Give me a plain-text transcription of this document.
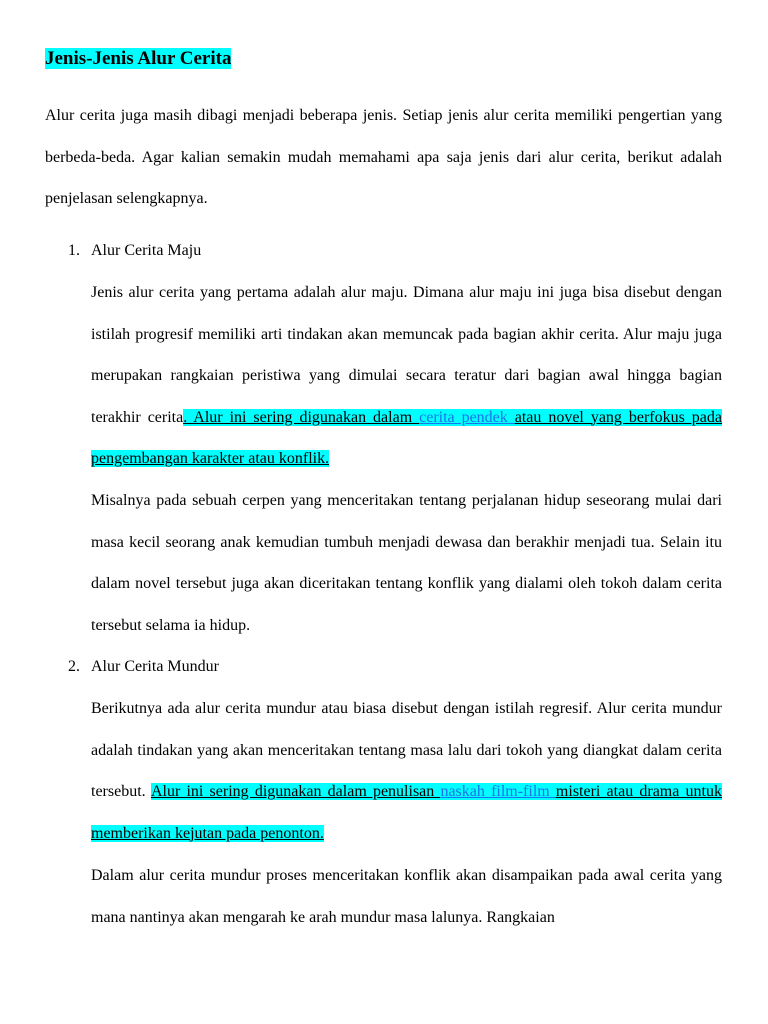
Jenis-Jenis Alur Cerita

Alur cerita juga masih dibagi menjadi beberapa jenis. Setiap jenis alur cerita memiliki pengertian yang berbeda-beda. Agar kalian semakin mudah memahami apa saja jenis dari alur cerita, berikut adalah penjelasan selengkapnya.

1. Alur Cerita Maju

Jenis alur cerita yang pertama adalah alur maju. Dimana alur maju ini juga bisa disebut dengan istilah progresif memiliki arti tindakan akan memuncak pada bagian akhir cerita. Alur maju juga merupakan rangkaian peristiwa yang dimulai secara teratur dari bagian awal hingga bagian terakhir cerita. Alur ini sering digunakan dalam cerita pendek atau novel yang berfokus pada pengembangan karakter atau konflik.

Misalnya pada sebuah cerpen yang menceritakan tentang perjalanan hidup seseorang mulai dari masa kecil seorang anak kemudian tumbuh menjadi dewasa dan berakhir menjadi tua. Selain itu dalam novel tersebut juga akan diceritakan tentang konflik yang dialami oleh tokoh dalam cerita tersebut selama ia hidup.

2. Alur Cerita Mundur

Berikutnya ada alur cerita mundur atau biasa disebut dengan istilah regresif. Alur cerita mundur adalah tindakan yang akan menceritakan tentang masa lalu dari tokoh yang diangkat dalam cerita tersebut. Alur ini sering digunakan dalam penulisan naskah film-film misteri atau drama untuk memberikan kejutan pada penonton.

Dalam alur cerita mundur proses menceritakan konflik akan disampaikan pada awal cerita yang mana nantinya akan mengarah ke arah mundur masa lalunya. Rangkaian
